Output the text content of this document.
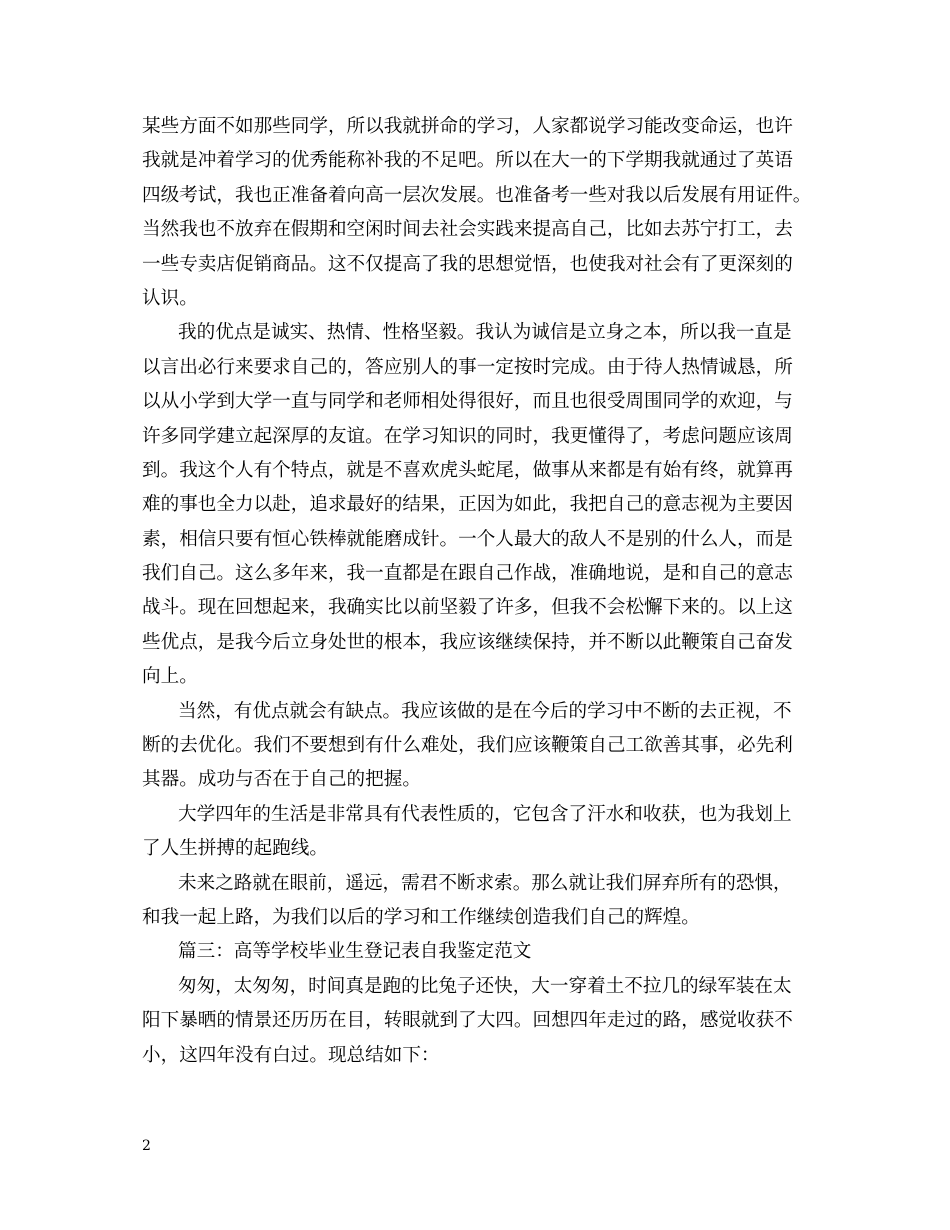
某些方面不如那些同学，所以我就拼命的学习，人家都说学习能改变命运，也许
我就是冲着学习的优秀能称补我的不足吧。所以在大一的下学期我就通过了英语
四级考试，我也正准备着向高一层次发展。也准备考一些对我以后发展有用证件。
当然我也不放弃在假期和空闲时间去社会实践来提高自己，比如去苏宁打工，去
一些专卖店促销商品。这不仅提高了我的思想觉悟，也使我对社会有了更深刻的
认识。
我的优点是诚实、热情、性格坚毅。我认为诚信是立身之本，所以我一直是
以言出必行来要求自己的，答应别人的事一定按时完成。由于待人热情诚恳，所
以从小学到大学一直与同学和老师相处得很好，而且也很受周围同学的欢迎，与
许多同学建立起深厚的友谊。在学习知识的同时，我更懂得了，考虑问题应该周
到。我这个人有个特点，就是不喜欢虎头蛇尾，做事从来都是有始有终，就算再
难的事也全力以赴，追求最好的结果，正因为如此，我把自己的意志视为主要因
素，相信只要有恒心铁棒就能磨成针。一个人最大的敌人不是别的什么人，而是
我们自己。这么多年来，我一直都是在跟自己作战，准确地说，是和自己的意志
战斗。现在回想起来，我确实比以前坚毅了许多，但我不会松懈下来的。以上这
些优点，是我今后立身处世的根本，我应该继续保持，并不断以此鞭策自己奋发
向上。
当然，有优点就会有缺点。我应该做的是在今后的学习中不断的去正视，不
断的去优化。我们不要想到有什么难处，我们应该鞭策自己工欲善其事，必先利
其器。成功与否在于自己的把握。
大学四年的生活是非常具有代表性质的，它包含了汗水和收获，也为我划上
了人生拼搏的起跑线。
未来之路就在眼前，遥远，需君不断求索。那么就让我们屏弃所有的恐惧，
和我一起上路，为我们以后的学习和工作继续创造我们自己的辉煌。
篇三：高等学校毕业生登记表自我鉴定范文
匆匆，太匆匆，时间真是跑的比兔子还快，大一穿着土不拉几的绿军装在太
阳下暴晒的情景还历历在目，转眼就到了大四。回想四年走过的路，感觉收获不
小，这四年没有白过。现总结如下：
2
